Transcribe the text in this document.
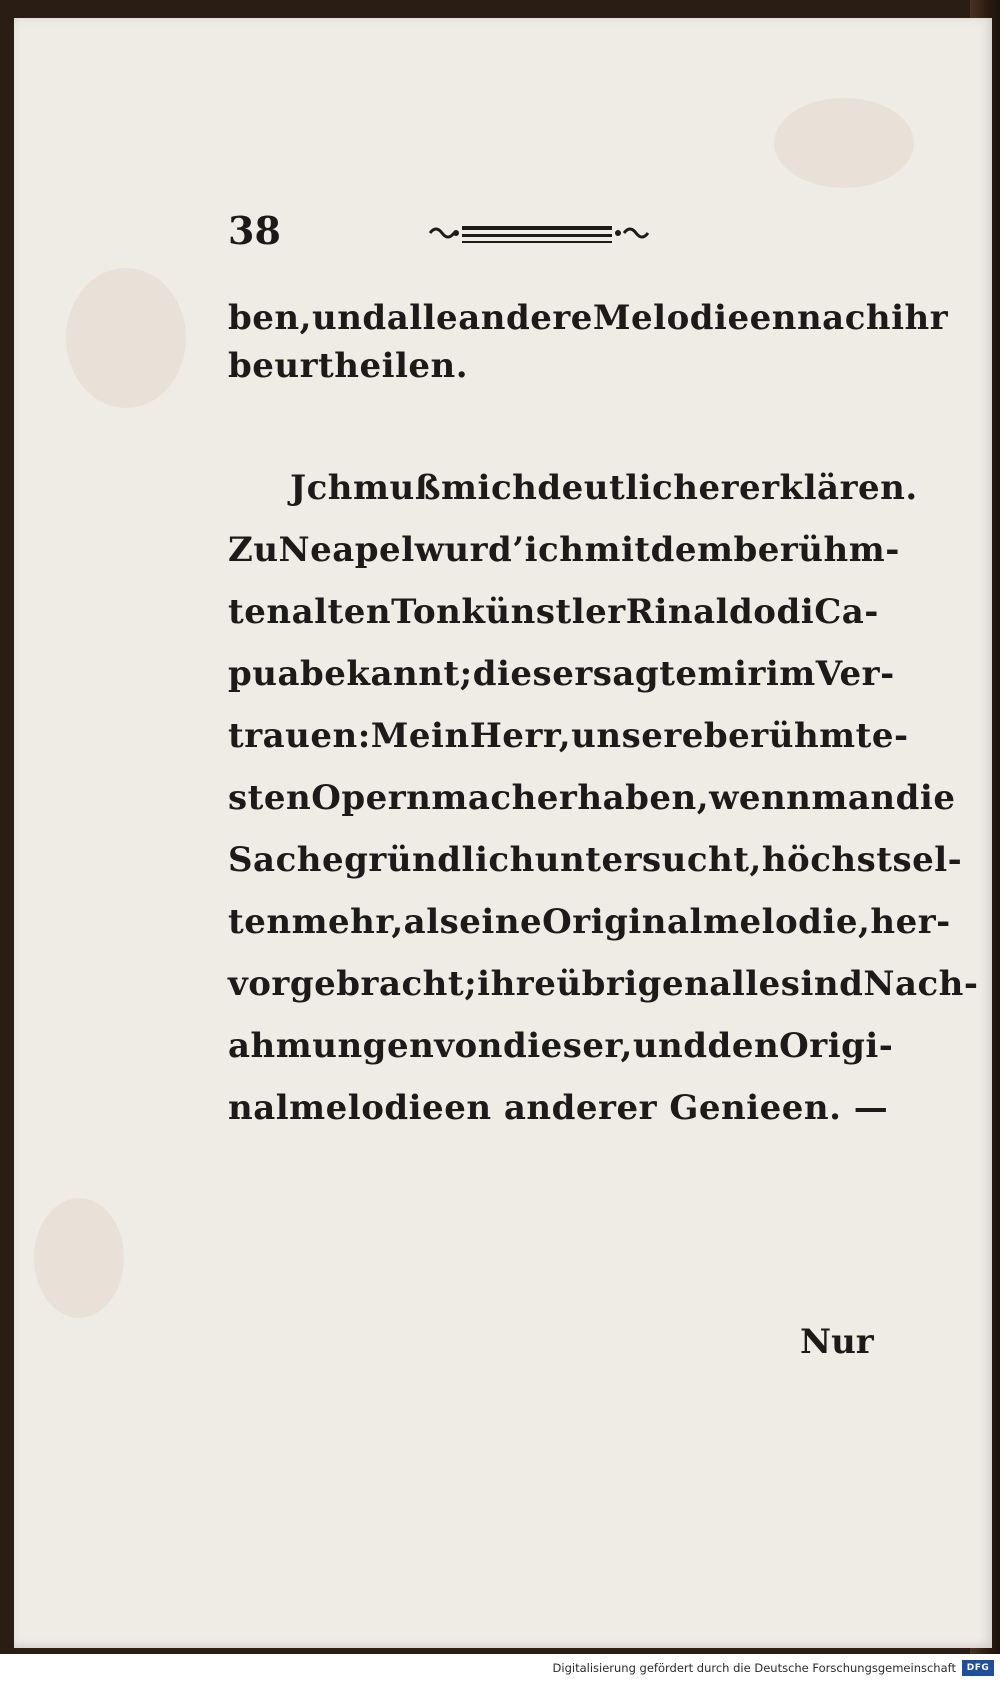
38
ben, und alle andere Melodieen nach ihr
beurtheilen.
Jch muß mich deutlicher erklären.
Zu Neapel wurd’ ich mit dem berühm-
ten alten Tonkünstler Rinaldo di Ca-
pua bekannt; dieser sagte mir im Ver-
trauen: Mein Herr, unsere berühmte-
sten Opernmacher haben, wenn man die
Sache gründlich untersucht, höchst sel-
ten mehr, als eine Originalmelodie, her-
vorgebracht; ihre übrigen alle sind Nach-
ahmungen von dieser, und den Origi-
nalmelodieen anderer Genieen. —
Nur
Digitalisierung gefördert durch die Deutsche Forschungsgemeinschaft	DFG
